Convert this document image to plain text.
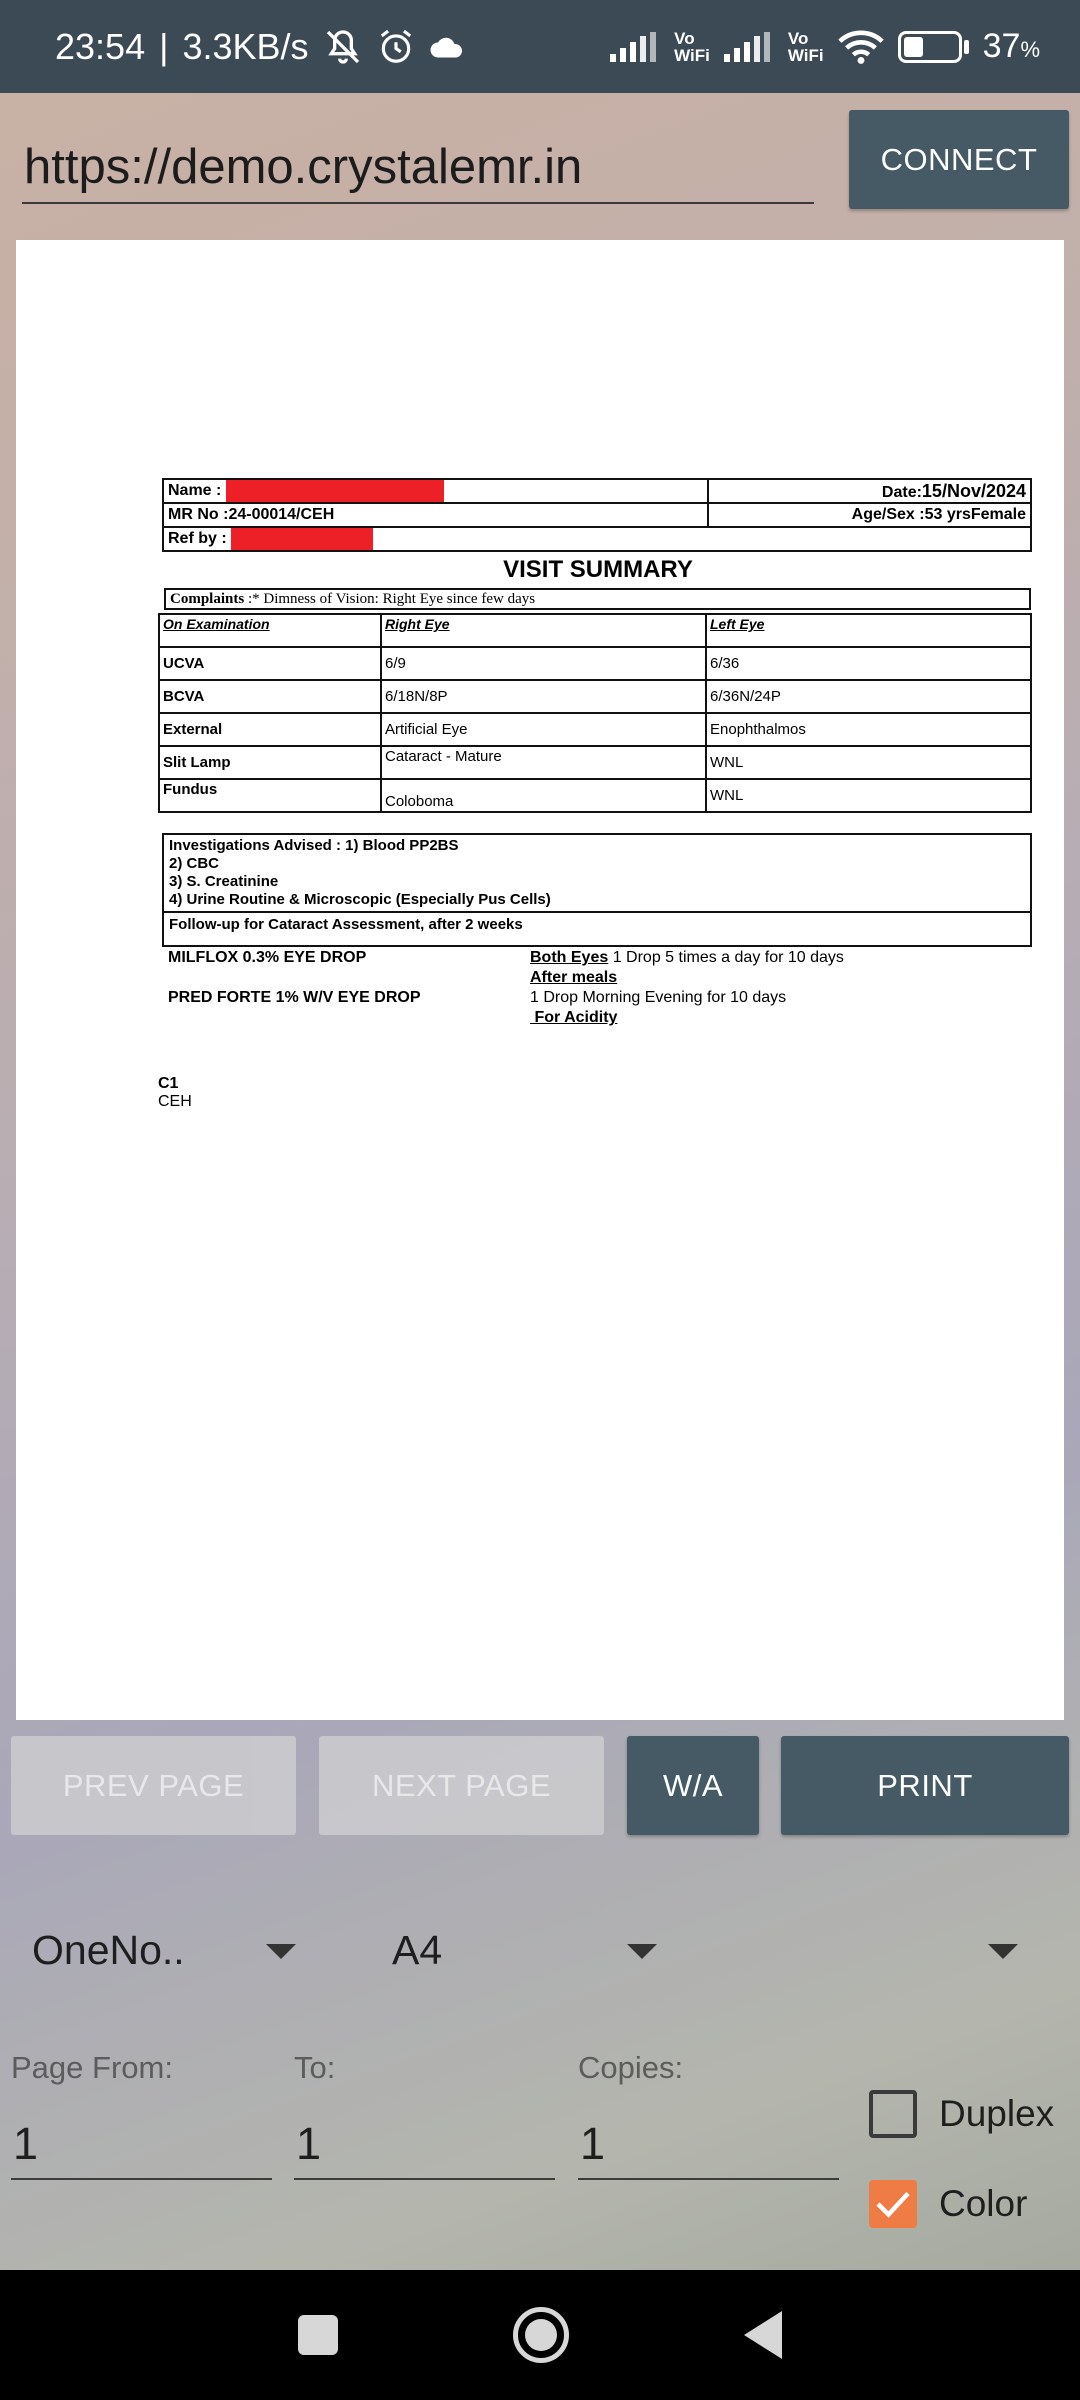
23:54 | 3.3KB/s	Vo
WiFi
Vo
WiFi	37%
https://demo.crystalemr.in
CONNECT
Name :	Date:15/Nov/2024
MR No :24-00014/CEH	Age/Sex :53 yrsFemale
Ref by :	
VISIT SUMMARY
Complaints :* Dimness of Vision: Right Eye since few days
On Examination	Right Eye	Left Eye
UCVA	6/9	6/36
BCVA	6/18N/8P	6/36N/24P
External	Artificial Eye	Enophthalmos
Slit Lamp	Cataract - Mature	WNL
Fundus	Coloboma	WNL
Investigations Advised : 1) Blood PP2BS
2) CBC
3) S. Creatinine
4) Urine Routine & Microscopic (Especially Pus Cells)
Follow-up for Cataract Assessment, after 2 weeks
MILFLOX 0.3% EYE DROP	Both Eyes 1 Drop 5 times a day for 10 days
After meals
PRED FORTE 1% W/V EYE DROP	1 Drop Morning Evening for 10 days
For Acidity
C1
CEH
PREV PAGE	NEXT PAGE	W/A	PRINT
OneNo..	A4
Page From:
1	To:
1	Copies:
1
Duplex
Color
